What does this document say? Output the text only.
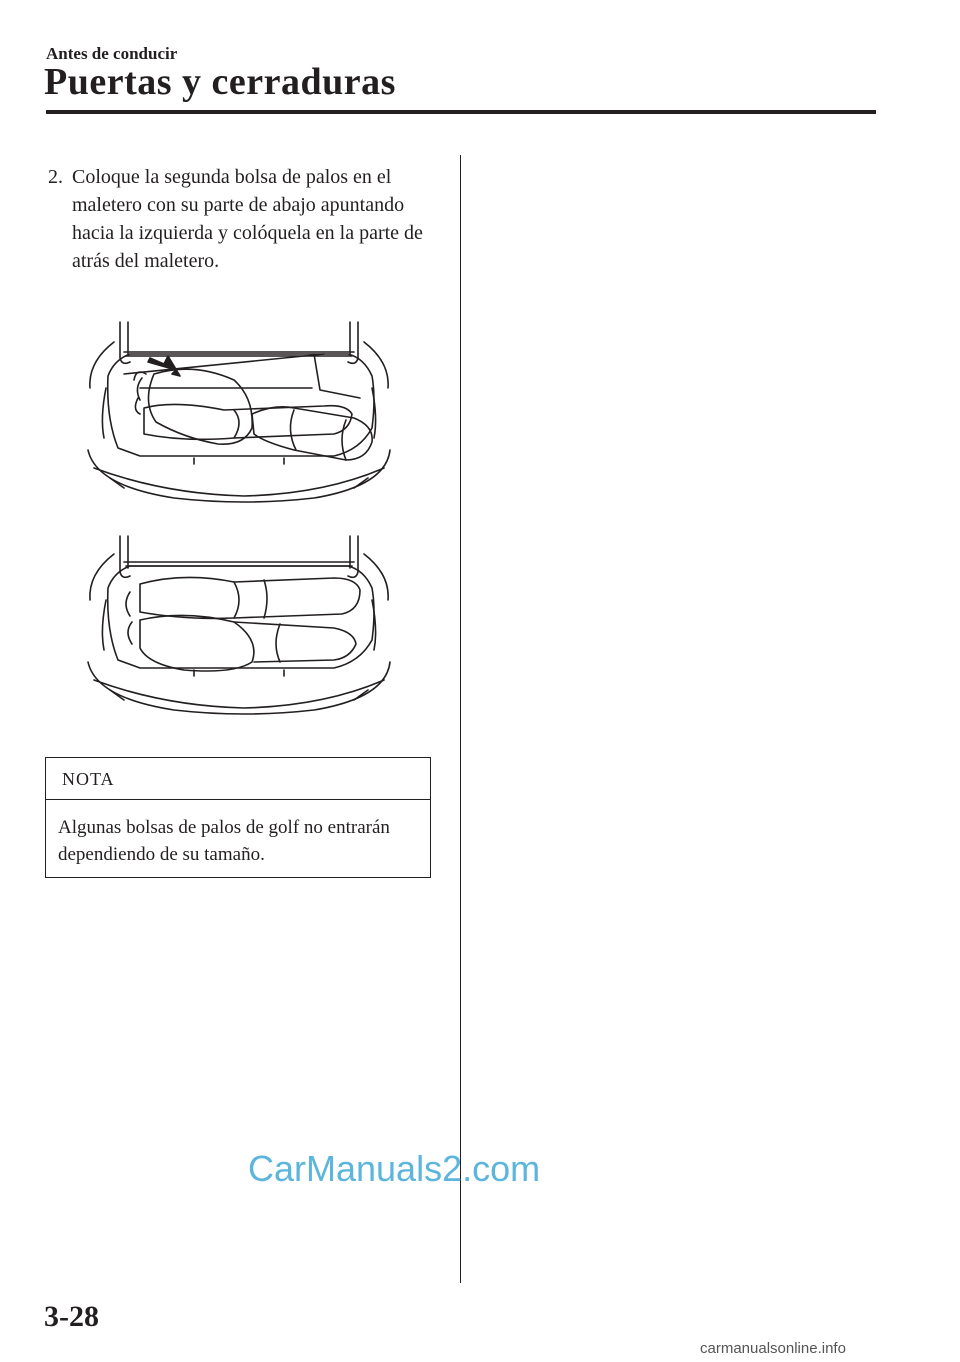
Antes de conducir
Puertas y cerraduras
2. Coloque la segunda bolsa de palos en el maletero con su parte de abajo apuntando hacia la izquierda y colóquela en la parte de atrás del maletero.
NOTA
Algunas bolsas de palos de golf no entrarán dependiendo de su tamaño.
CarManuals2.com
3-28
carmanualsonline.info
